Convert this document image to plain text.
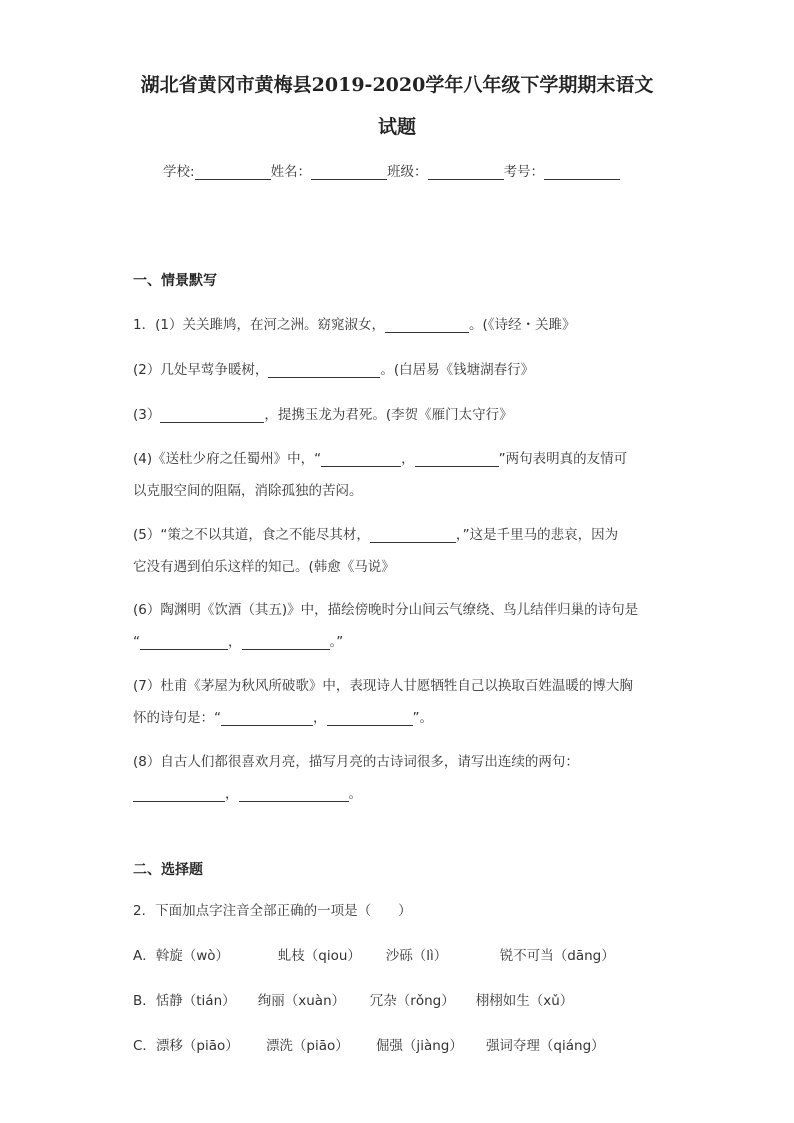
湖北省黄冈市黄梅县2019-2020学年八年级下学期期末语文
试题
学校:	姓名：	班级：	考号：
一、情景默写
1．(1）关关雎鸠，在河之洲。窈窕淑女，	。(《诗经・关雎》
(2）几处早莺争暖树，	。(白居易《钱塘湖春行》
(3）	，提携玉龙为君死。(李贺《雁门太守行》
(4)《送杜少府之任蜀州》中，“	，	”两句表明真的友情可
以克服空间的阻隔，消除孤独的苦闷。
(5）“策之不以其道，食之不能尽其材，	，”这是千里马的悲哀，因为
它没有遇到伯乐这样的知己。(韩愈《马说》
(6）陶渊明《饮酒（其五)》中，描绘傍晚时分山间云气缭绕、鸟儿结伴归巢的诗句是
“	，	。”
(7）杜甫《茅屋为秋风所破歌》中，表现诗人甘愿牺牲自己以换取百姓温暖的博大胸
怀的诗句是：“	，	”。
(8）自古人们都很喜欢月亮，描写月亮的古诗词很多，请写出连续的两句：
，	。
二、选择题
2．下面加点字注音全部正确的一项是（　　）
A．斡旋（wò）	虬枝（qiou） 沙砾（lì）	锐不可当（dāng）
B．恬静（tián） 绚丽（xuàn） 冗杂（rǒng） 栩栩如生（xǔ）
C．漂移（piāo） 漂洗（piāo） 倔强（jiàng） 强词夺理（qiáng）
